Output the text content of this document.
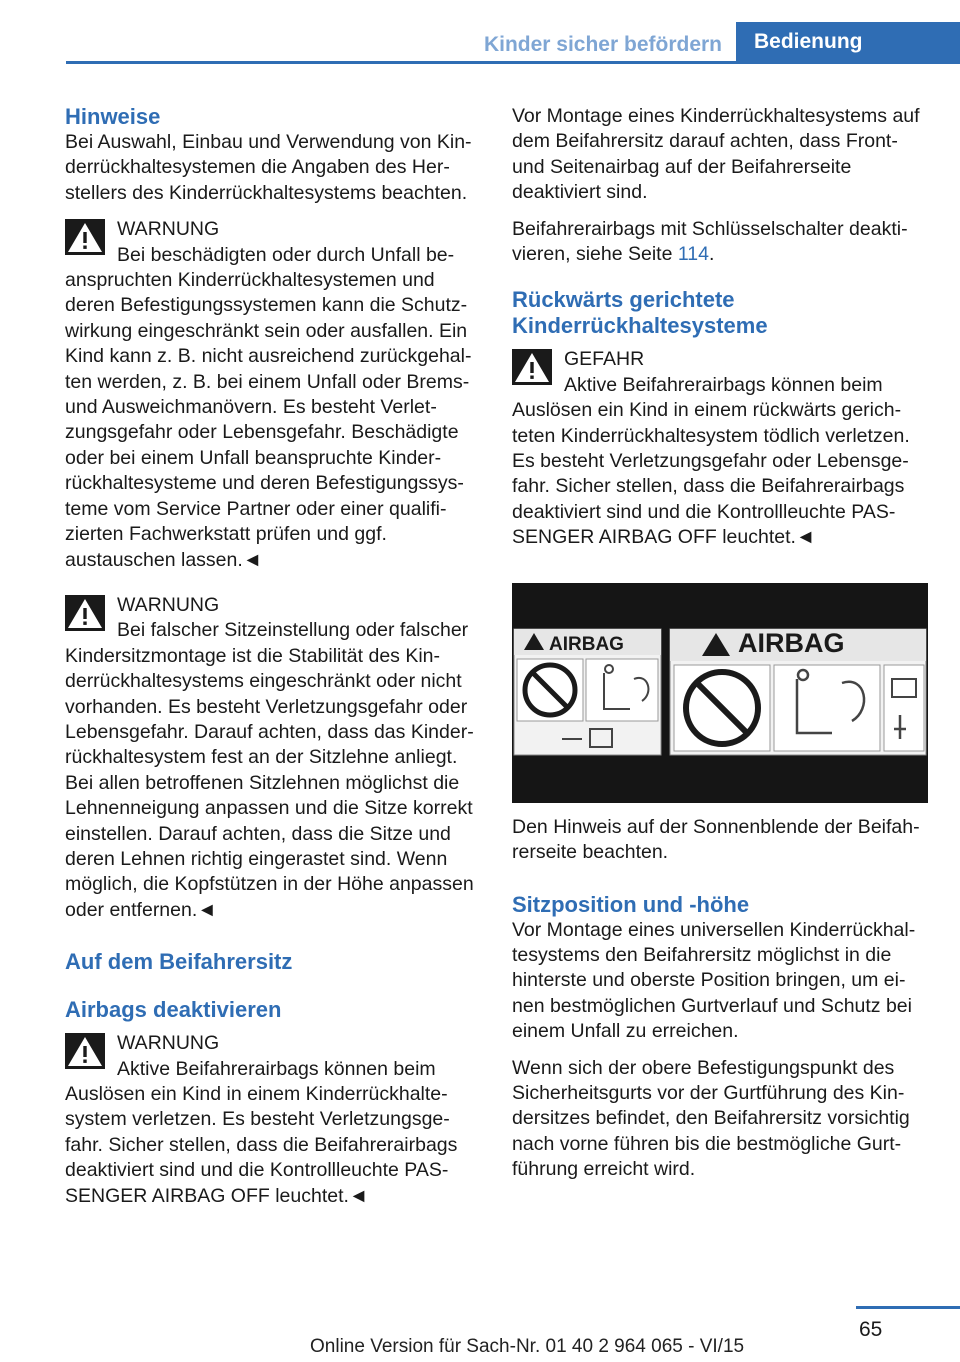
Kinder sicher befördern	Bedienung
Hinweise

Bei Auswahl, Einbau und Verwendung von Kinderrückhaltesystemen die Angaben des Herstellers des Kinderrückhaltesystems beachten.

WARNUNG
Bei beschädigten oder durch Unfall beanspruchten Kinderrückhaltesystemen und deren Befestigungssystemen kann die Schutzwirkung eingeschränkt sein oder ausfallen. Ein Kind kann z. B. nicht ausreichend zurückgehalten werden, z. B. bei einem Unfall oder Brems- und Ausweichmanövern. Es besteht Verletzungsgefahr oder Lebensgefahr. Beschädigte oder bei einem Unfall beanspruchte Kinderrückhaltesysteme und deren Befestigungssysteme vom Service Partner oder einer qualifizierten Fachwerkstatt prüfen und ggf. austauschen lassen.◄
WARNUNG
Bei falscher Sitzeinstellung oder falscher Kindersitzmontage ist die Stabilität des Kinderrückhaltesystems eingeschränkt oder nicht vorhanden. Es besteht Verletzungsgefahr oder Lebensgefahr. Darauf achten, dass das Kinderrückhaltesystem fest an der Sitzlehne anliegt. Bei allen betroffenen Sitzlehnen möglichst die Lehnenneigung anpassen und die Sitze korrekt einstellen. Darauf achten, dass die Sitze und deren Lehnen richtig eingerastet sind. Wenn möglich, die Kopfstützen in der Höhe anpassen oder entfernen.◄
Auf dem Beifahrersitz
Airbags deaktivieren
WARNUNG
Aktive Beifahrerairbags können beim Auslösen ein Kind in einem Kinderrückhaltesystem verletzen. Es besteht Verletzungsgefahr. Sicher stellen, dass die Beifahrerairbags deaktiviert sind und die Kontrollleuchte PASSENGER AIRBAG OFF leuchtet.◄

Vor Montage eines Kinderrückhaltesystems auf dem Beifahrersitz darauf achten, dass Front- und Seitenairbag auf der Beifahrerseite deaktiviert sind.

Beifahrerairbags mit Schlüsselschalter deaktivieren, siehe Seite 114.

Rückwärts gerichtete Kinderrückhaltesysteme
GEFAHR
Aktive Beifahrerairbags können beim Auslösen ein Kind in einem rückwärts gerichteten Kinderrückhaltesystem tödlich verletzen. Es besteht Verletzungsgefahr oder Lebensgefahr. Sicher stellen, dass die Beifahrerairbags deaktiviert sind und die Kontrollleuchte PASSENGER AIRBAG OFF leuchtet.◄
AIRBAG	AIRBAG

Den Hinweis auf der Sonnenblende der Beifahrerseite beachten.

Sitzposition und -höhe

Vor Montage eines universellen Kinderrückhaltesystems den Beifahrersitz möglichst in die hinterste und oberste Position bringen, um einen bestmöglichen Gurtverlauf und Schutz bei einem Unfall zu erreichen.

Wenn sich der obere Befestigungspunkt des Sicherheitsgurts vor der Gurtführung des Kindersitzes befindet, den Beifahrersitz vorsichtig nach vorne führen bis die bestmögliche Gurtführung erreicht wird.

65
Online Version für Sach-Nr. 01 40 2 964 065 - VI/15
